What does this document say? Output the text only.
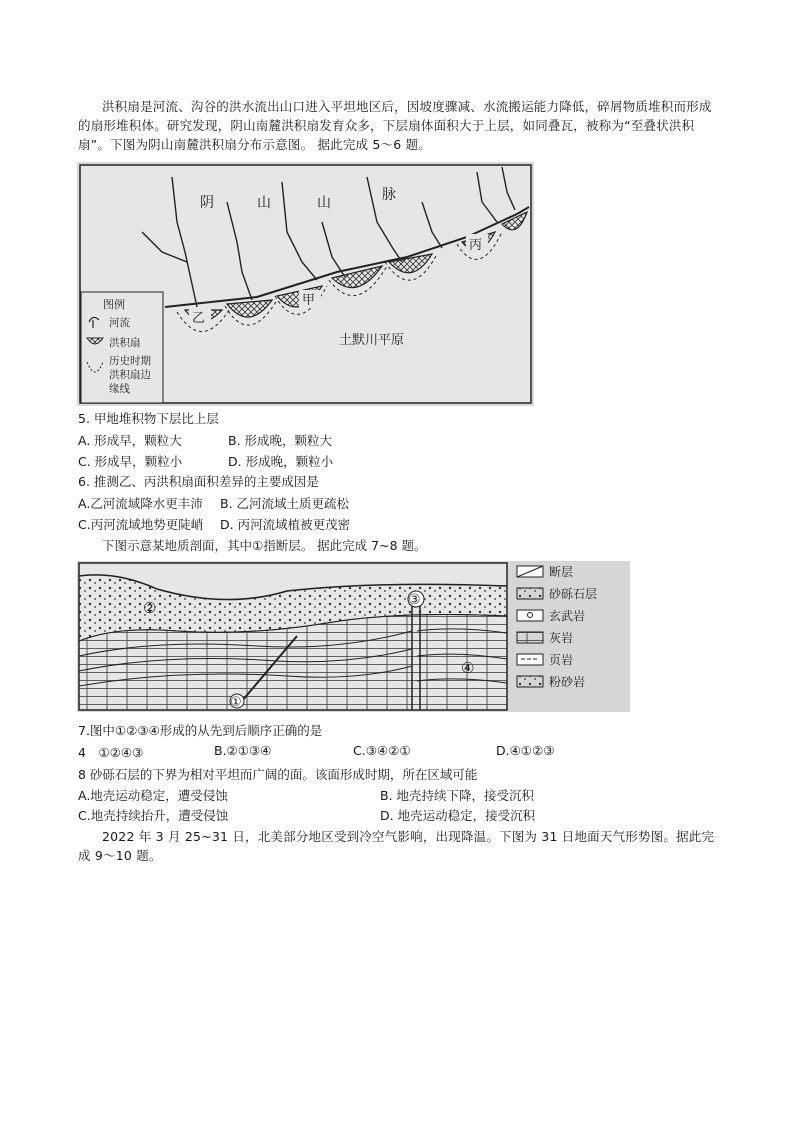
洪积扇是河流、沟谷的洪水流出山口进入平坦地区后，因坡度骤减、水流搬运能力降低，碎屑物质堆积而形成的扇形堆积体。研究发现，阴山南麓洪积扇发育众多，下层扇体面积大于上层，如同叠瓦，被称为“至叠状洪积扇”。下图为阴山南麓洪积扇分布示意图。 据此完成 5～6 题。
阴	山	山	脉
甲
乙
丙
土默川平原
图例
河流
洪积扇
历史时期
洪积扇边
缘线
5. 甲地堆积物下层比上层
A. 形成早，颗粒大	B. 形成晚，颗粒大
C. 形成早，颗粒小	D. 形成晚，颗粒小
6. 推测乙、丙洪积扇面积差异的主要成因是
A.乙河流域降水更丰沛 B. 乙河流域土质更疏松
C.丙河流域地势更陡峭 D. 丙河流域植被更茂密
下图示意某地质剖面，其中①指断层。 据此完成 7~8 题。
①
②	③
④
断层
砂砾石层
玄武岩
灰岩
页岩
粉砂岩
7.图中①②③④形成的从先到后顺序正确的是
4　①②④③	B.②①③④	C.③④②①	D.④①②③
8 砂砾石层的下界为相对平坦而广阔的面。该面形成时期，所在区域可能
A.地壳运动稳定，遭受侵蚀	B. 地壳持续下降，接受沉积
C.地壳持续抬升，遭受侵蚀	D. 地壳运动稳定，接受沉积
2022 年 3 月 25~31 日，北美部分地区受到冷空气影响，出现降温。下图为 31 日地面天气形势图。据此完成 9～10 题。
